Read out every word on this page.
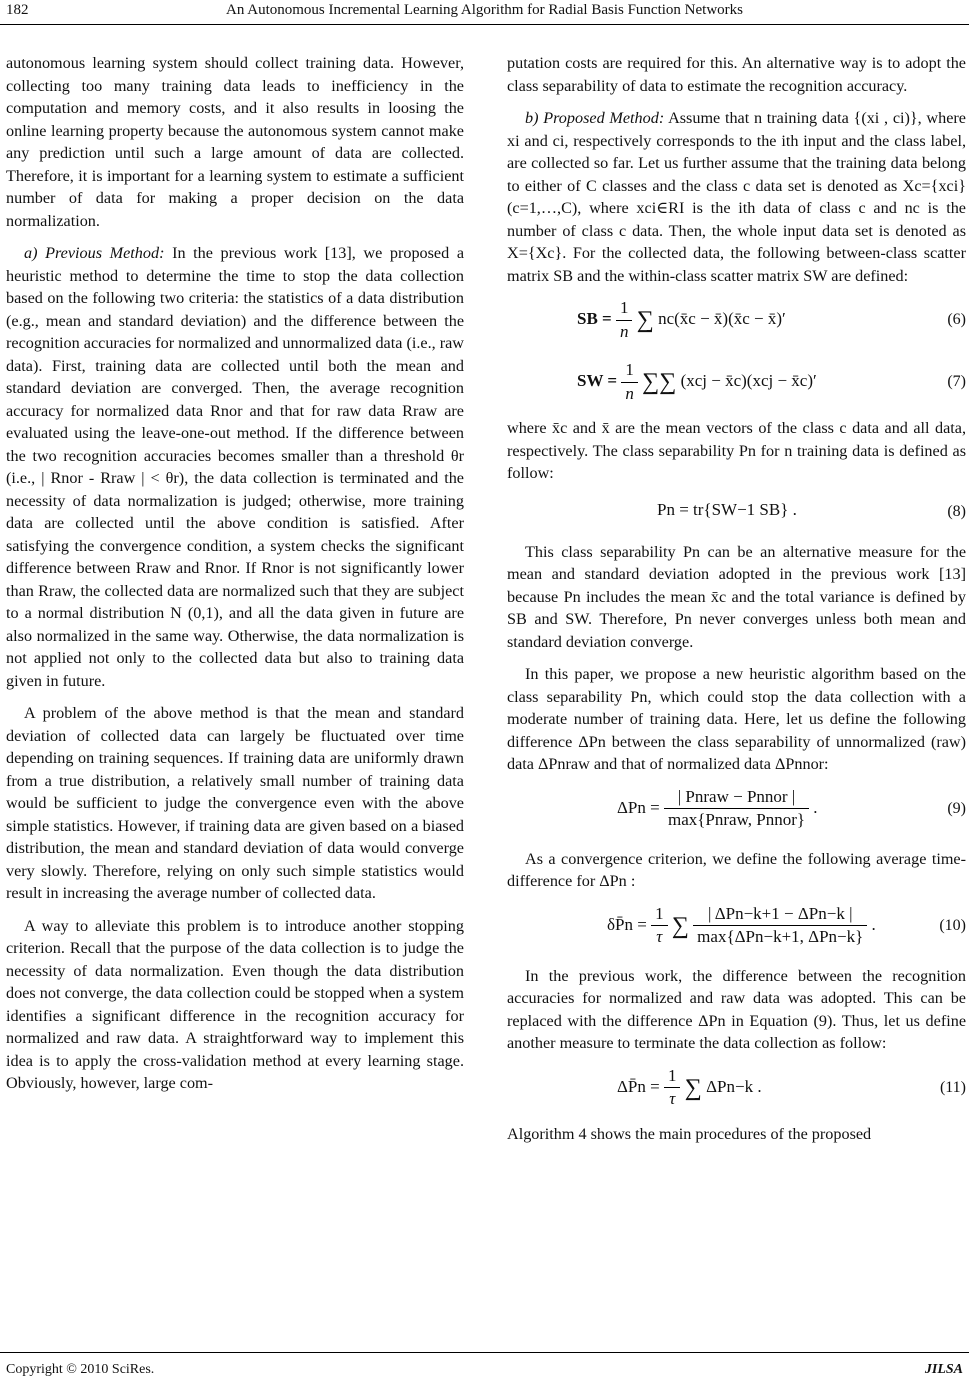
182	An Autonomous Incremental Learning Algorithm for Radial Basis Function Networks

autonomous learning system should collect training data. However, collecting too many training data leads to inefficiency in the computation and memory costs, and it also results in loosing the online learning property because the autonomous system cannot make any prediction until such a large amount of data are collected. Therefore, it is important for a learning system to estimate a sufficient number of data for making a proper decision on the data normalization.

a) Previous Method: In the previous work [13], we proposed a heuristic method to determine the time to stop the data collection based on the following two criteria: the statistics of a data distribution (e.g., mean and standard deviation) and the difference between the recognition accuracies for normalized and unnormalized data (i.e., raw data). First, training data are collected until both the mean and standard deviation are converged. Then, the average recognition accuracy for normalized data Rnor and that for raw data Rraw are evaluated using the leave-one-out method. If the difference between the two recognition accuracies becomes smaller than a threshold θr (i.e., | Rnor - Rraw | < θr), the data collection is terminated and the necessity of data normalization is judged; otherwise, more training data are collected until the above condition is satisfied. After satisfying the convergence condition, a system checks the significant difference between Rraw and Rnor. If Rnor is not significantly lower than Rraw, the collected data are normalized such that they are subject to a normal distribution N (0,1), and all the data given in future are also normalized in the same way. Otherwise, the data normalization is not applied not only to the collected data but also to training data given in future.

A problem of the above method is that the mean and standard deviation of collected data can largely be fluctuated over time depending on training sequences. If training data are uniformly drawn from a true distribution, a relatively small number of training data would be sufficient to judge the convergence even with the above simple statistics. However, if training data are given based on a biased distribution, the mean and standard deviation of data would converge very slowly. Therefore, relying on only such simple statistics would result in increasing the average number of collected data.

A way to alleviate this problem is to introduce another stopping criterion. Recall that the purpose of the data collection is to judge the necessity of data normalization. Even though the data distribution does not converge, the data collection could be stopped when a system identifies a significant difference in the recognition accuracy for normalized and raw data. A straightforward way to implement this idea is to apply the cross-validation method at every learning stage. Obviously, however, large com-

putation costs are required for this. An alternative way is to adopt the class separability of data to estimate the recognition accuracy.

b) Proposed Method: Assume that n training data {(xi , ci)}, where xi and ci, respectively corresponds to the ith input and the class label, are collected so far. Let us further assume that the training data belong to either of C classes and the class c data set is denoted as Xc={xci} (c=1,…,C), where xci∈RI is the ith data of class c and nc is the number of class c data. Then, the whole input data set is denoted as X={Xc}. For the collected data, the following between-class scatter matrix SB and the within-class scatter matrix SW are defined:

SB = $\frac{1}{n}$ ∑ nc(x̄c − x̄)(x̄c − x̄)′	(6)
SW = $\frac{1}{n}$ ∑∑ (xcj − x̄c)(xcj − x̄c)′	(7)

where x̄c and x̄ are the mean vectors of the class c data and all data, respectively. The class separability Pn for n training data is defined as follow:

Pn = tr{SW−1 SB} .	(8)

This class separability Pn can be an alternative measure for the mean and standard deviation adopted in the previous work [13] because Pn includes the mean x̄c and the total variance is defined by SB and SW. Therefore, Pn never converges unless both mean and standard deviation converge.

In this paper, we propose a new heuristic algorithm based on the class separability Pn, which could stop the data collection with a moderate number of training data. Here, let us define the following difference ΔPn between the class separability of unnormalized (raw) data ΔPnraw and that of normalized data ΔPnnor:

$\Delta Pn = \frac{\text{| Pnraw − Pnnor |}}{\text{max\{Pnraw, Pnnor\}}}$ .	(9)

As a convergence criterion, we define the following average time-difference for ΔPn :

δP̄n = $\frac{1}{\tau}$ ∑ $\frac{\text{| ΔPn−k+1 − ΔPn−k |}}{\text{max\{ΔPn−k+1, ΔPn−k\}}}$ .	(10)

In the previous work, the difference between the recognition accuracies for normalized and raw data was adopted. This can be replaced with the difference ΔPn in Equation (9). Thus, let us define another measure to terminate the data collection as follow:

ΔP̄n = $\frac{1}{\tau}$ ∑ ΔPn−k .	(11)

Algorithm 4 shows the main procedures of the proposed

Copyright © 2010 SciRes.	JILSA
